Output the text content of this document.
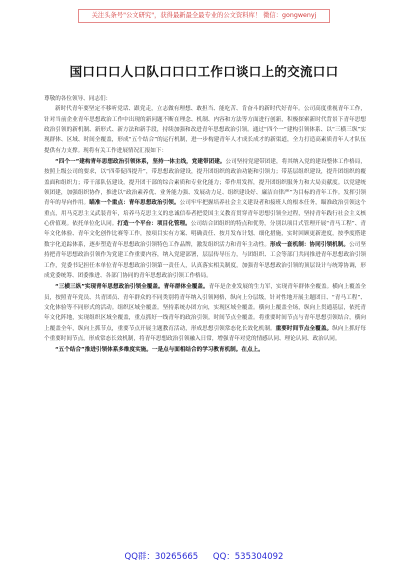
关注头条号"公文研究"，获得最新最全最专业的公文资料库！ 微信：gongwenyj
国口口口人口队口口口工作口谈口上的交流口口

尊敬的各位领导、同志们：

新时代青年要坚定不移听党话、跟党走，立志做有理想、敢担当、能吃苦、肯奋斗的新时代好青年。公司高度重视青年工作，针对当前企业青年思想政治工作中出现的新问题不断在理念、机制、内容和方法等方面进行创新，积极探索新时代背景下青年思想政治引领的新机制、新形式、新方法和新手段，持续加强和改进青年思想政治引领。通过“四个一”建构引领体系、以“三横三纵”实现群体、区域、时间全覆盖，形成“五个结合”的运行机制，进一步构建青年人才成长成才的新渠道，全力打造高素质青年人才队伍提供有力支撑。现将有关工作进展情况汇报如下：

“四个一”建构青年思想政治引领体系，坚持一体主线，党建带团建。公司坚持党建带团建，将其纳入党的建设整体工作格局，按照上级公司的要求，以“四带促四提升”，带思想政治建设，提升团组织的政治功能和引领力；带基层组织建设，提升团组织的覆盖面和组织力；带干部队伍建设，提升团干部的综合素质和专业化能力；带作用发挥，提升团组织服务力和大局贡献度。以党建统领团建，加强组织协作，推进以“政治素养优、业务能力强、发展动力足、组织建设好、廉洁自律严”为目标的青年工作。发挥引领青年的导向作用。瞄准一个重点：青年思想政治引领。公司牢牢把握培养社会主义建设者和接班人的根本任务，瞄准政治引领这个重点，用马克思主义武装青年，培养马克思主义的忠诚信奉者把爱国主义教育贯穿青年思想引领全过程，坚持青年践行社会主义核心价值观。依托单位化认同。打造一个平台：项目化管理。公司结合团组织的特点和优势，分别以项目式管理开展“青马工程”、青年文化体验、青年文化创作比赛等工作，按项目实有方案、明确责任、按月发布计划、细化措施，实时回顾更新进度，按季度搭建数字化追踪体系，逐步塑造青年思想政治引领特色工作品牌，激发组织活力和青年主动性。形成一套机制：协同引领机制。公司坚持把青年思想政治引领作为党建工作重要内容，纳入党建部署，层层传导压力，与团组织、工会等部门共同推进青年思想政治引领工作，党委书记担任本单位青年思想政治引领第一责任人，认真落实相关制度，加强青年思想政治引领的顶层设计与统筹协调，形成党委统筹、团委推进、各部门协同的青年思想政治引领工作格局。

“三横三纵”实现青年思想政治引领全覆盖。青年群体全覆盖。青年是企业发展的生力军，实现青年群体全覆盖。横向上覆盖全员，按照青年党员、共青团员、青年群众的不同类别将青年纳入引领网格，纵向上分层级，针对性地开展主题团日、“青马工程”、文化体验等不同形式的活动。组织区域全覆盖。坚持系统办团方向，实现区域全覆盖。横向上覆盖全场，纵向上贯通基层，依托青年文化阵地，实现组织区域全覆盖，重点抓好一线青年的政治引领。时间节点全覆盖。将重要时间节点与青年思想引领结合，横向上覆盖全年，纵向上抓节点，重要节点开展主题教育活动，形成思想引领常态化长效化机制。重要时间节点全覆盖。纵向上抓好每个重要时间节点，形成常态长效机制，将青年思想政治引领融入日常，增强青年对党的情感认同、理论认同、政治认同。

“五个结合”推进引领体系多维度实施。一是点与面相结合的学习教育机制。在点上。

QQ群：30265665 QQ：535304092
